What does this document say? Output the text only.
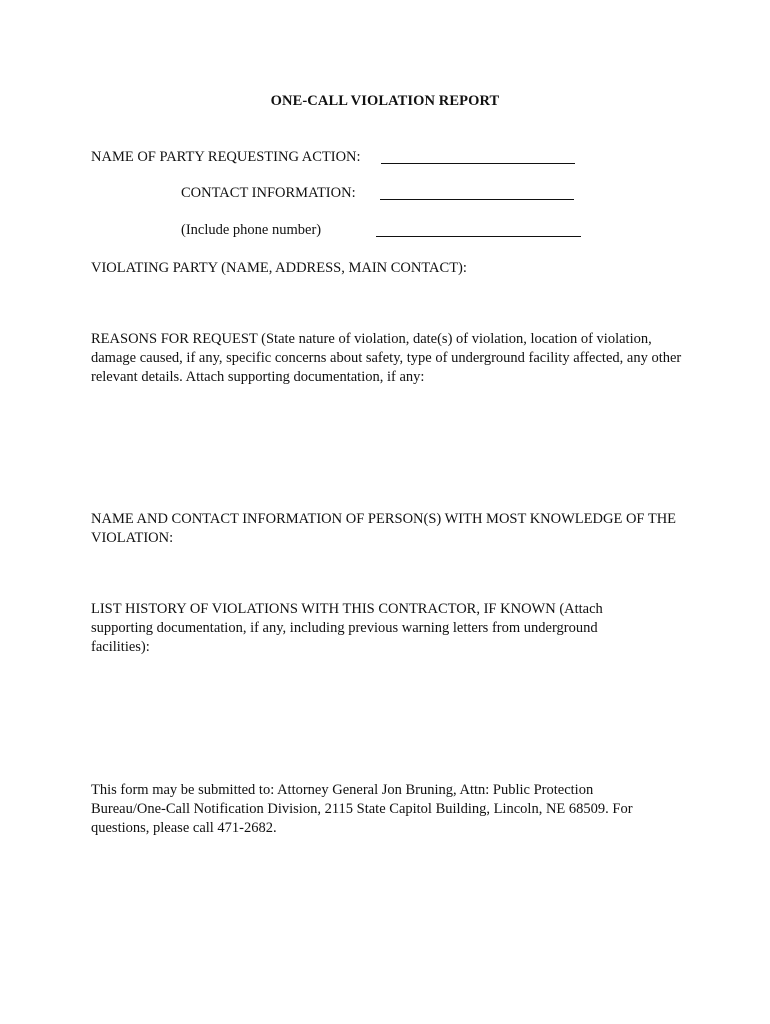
ONE-CALL VIOLATION REPORT
NAME OF PARTY REQUESTING ACTION:
CONTACT INFORMATION:
(Include phone number)
VIOLATING PARTY (NAME, ADDRESS, MAIN CONTACT):
REASONS FOR REQUEST (State nature of violation, date(s) of violation, location of violation, damage caused, if any, specific concerns about safety, type of underground facility affected, any other relevant details. Attach supporting documentation, if any:
NAME AND CONTACT INFORMATION OF PERSON(S) WITH MOST KNOWLEDGE OF THE VIOLATION:
LIST HISTORY OF VIOLATIONS WITH THIS CONTRACTOR, IF KNOWN (Attach supporting documentation, if any, including previous warning letters from underground facilities):
This form may be submitted to: Attorney General Jon Bruning, Attn: Public Protection Bureau/One-Call Notification Division, 2115 State Capitol Building, Lincoln, NE 68509. For questions, please call 471-2682.
